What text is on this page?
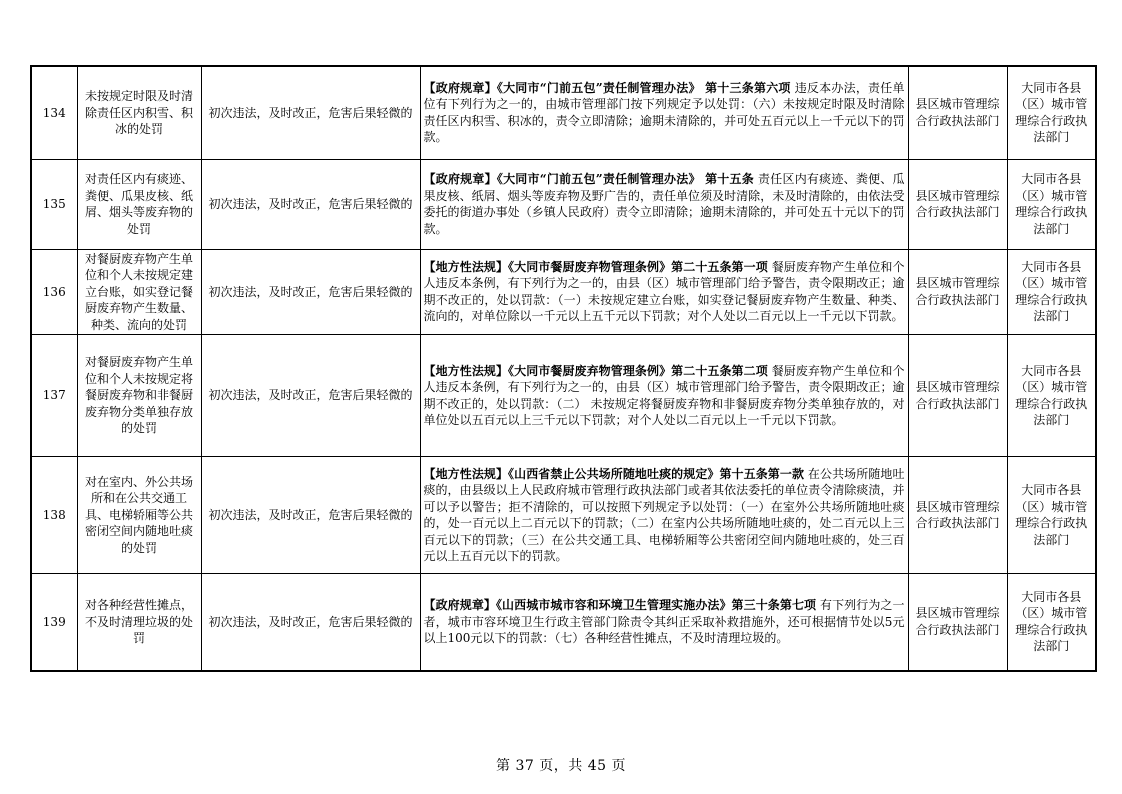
134	未按规定时限及时清除责任区内积雪、积冰的处罚	初次违法，及时改正，危害后果轻微的	【政府规章】《大同市“门前五包”责任制管理办法》 第十三条第六项 违反本办法，责任单位有下列行为之一的，由城市管理部门按下列规定予以处罚：（六）未按规定时限及时清除责任区内积雪、积冰的，责令立即清除；逾期未清除的，并可处五百元以上一千元以下的罚款。	县区城市管理综合行政执法部门	大同市各县（区）城市管理综合行政执法部门
135	对责任区内有痰迹、粪便、瓜果皮核、纸屑、烟头等废弃物的处罚	初次违法，及时改正，危害后果轻微的	【政府规章】《大同市“门前五包”责任制管理办法》 第十五条 责任区内有痰迹、粪便、瓜果皮核、纸屑、烟头等废弃物及野广告的，责任单位须及时清除，未及时清除的，由依法受委托的街道办事处（乡镇人民政府）责令立即清除；逾期未清除的，并可处五十元以下的罚款。	县区城市管理综合行政执法部门	大同市各县（区）城市管理综合行政执法部门
136	对餐厨废弃物产生单位和个人未按规定建立台账，如实登记餐厨废弃物产生数量、种类、流向的处罚	初次违法，及时改正，危害后果轻微的	【地方性法规】《大同市餐厨废弃物管理条例》第二十五条第一项 餐厨废弃物产生单位和个人违反本条例，有下列行为之一的，由县（区）城市管理部门给予警告，责令限期改正；逾期不改正的，处以罚款：（一）未按规定建立台账，如实登记餐厨废弃物产生数量、种类、流向的，对单位除以一千元以上五千元以下罚款；对个人处以二百元以上一千元以下罚款。	县区城市管理综合行政执法部门	大同市各县（区）城市管理综合行政执法部门
137	对餐厨废弃物产生单位和个人未按规定将餐厨废弃物和非餐厨废弃物分类单独存放的处罚	初次违法，及时改正，危害后果轻微的	【地方性法规】《大同市餐厨废弃物管理条例》第二十五条第二项 餐厨废弃物产生单位和个人违反本条例，有下列行为之一的，由县（区）城市管理部门给予警告，责令限期改正；逾期不改正的，处以罚款：（二） 未按规定将餐厨废弃物和非餐厨废弃物分类单独存放的，对单位处以五百元以上三千元以下罚款；对个人处以二百元以上一千元以下罚款。	县区城市管理综合行政执法部门	大同市各县（区）城市管理综合行政执法部门
138	对在室内、外公共场所和在公共交通工具、电梯轿厢等公共密闭空间内随地吐痰的处罚	初次违法，及时改正，危害后果轻微的	【地方性法规】《山西省禁止公共场所随地吐痰的规定》第十五条第一款 在公共场所随地吐痰的，由县级以上人民政府城市管理行政执法部门或者其依法委托的单位责令清除痰渍，并可以予以警告；拒不清除的，可以按照下列规定予以处罚：（一）在室外公共场所随地吐痰的，处一百元以上二百元以下的罚款；（二）在室内公共场所随地吐痰的，处二百元以上三百元以下的罚款；（三）在公共交通工具、电梯轿厢等公共密闭空间内随地吐痰的，处三百元以上五百元以下的罚款。	县区城市管理综合行政执法部门	大同市各县（区）城市管理综合行政执法部门
139	对各种经营性摊点，不及时清理垃圾的处罚	初次违法，及时改正，危害后果轻微的	【政府规章】《山西城市城市容和环境卫生管理实施办法》第三十条第七项 有下列行为之一者，城市市容环境卫生行政主管部门除责令其纠正采取补救措施外，还可根据情节处以5元以上100元以下的罚款：（七）各种经营性摊点，不及时清理垃圾的。	县区城市管理综合行政执法部门	大同市各县（区）城市管理综合行政执法部门
第 37 页，共 45 页
